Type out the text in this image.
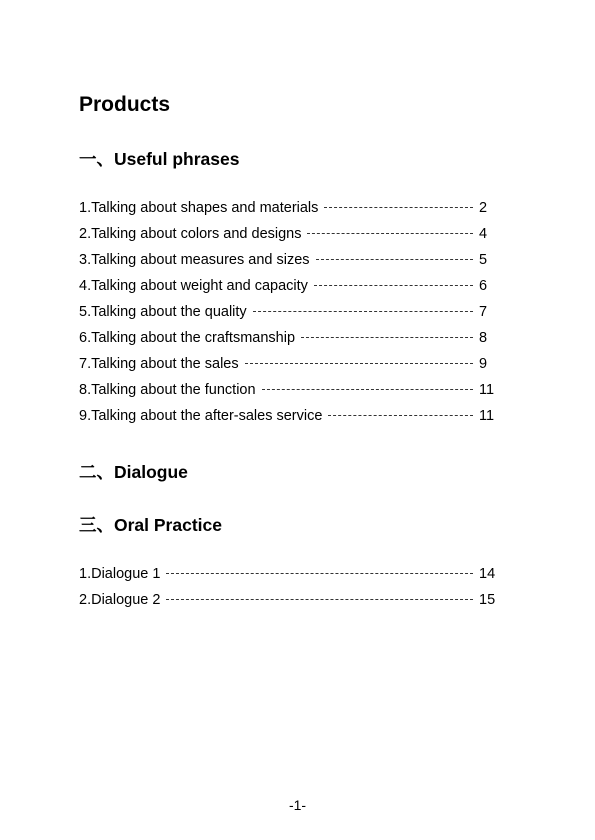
Products
一、Useful phrases
1.Talking about shapes and materials	2
2.Talking about colors and designs	4
3.Talking about measures and sizes	5
4.Talking about weight and capacity	6
5.Talking about the quality	7
6.Talking about the craftsmanship	8
7.Talking about the sales	9
8.Talking about the function	11
9.Talking about the after-sales service	11
二、Dialogue
三、Oral Practice
1.Dialogue 1	14
2.Dialogue 2	15
-1-
